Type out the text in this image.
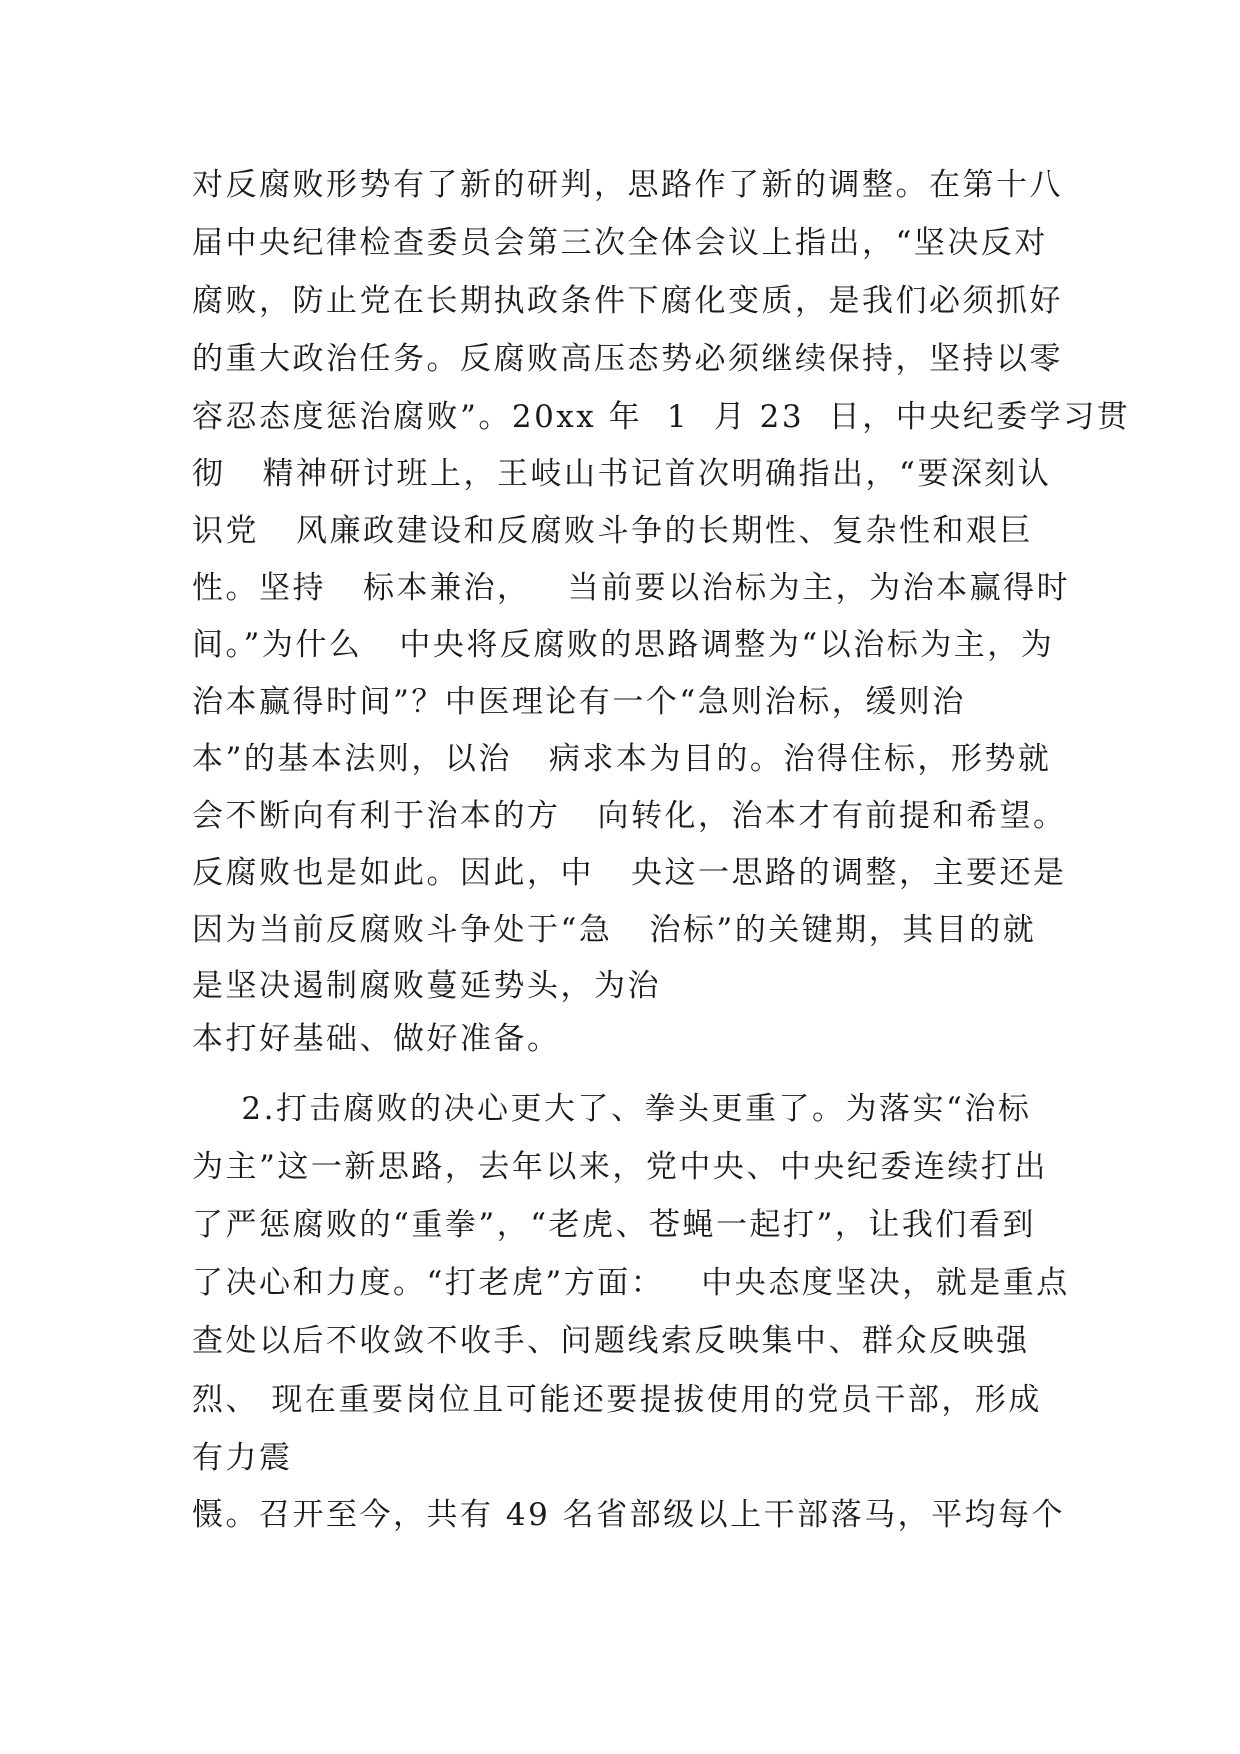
对反腐败形势有了新的研判，思路作了新的调整。在第十八
届中央纪律检查委员会第三次全体会议上指出，“坚决反对
腐败，防止党在长期执政条件下腐化变质，是我们必须抓好
的重大政治任务。反腐败高压态势必须继续保持，坚持以零
容忍态度惩治腐败”。20xx 年  1  月 23  日，中央纪委学习贯
彻   精神研讨班上，王岐山书记首次明确指出，“要深刻认
识党   风廉政建设和反腐败斗争的长期性、复杂性和艰巨
性。坚持   标本兼治，   当前要以治标为主，为治本赢得时
间。”为什么   中央将反腐败的思路调整为“以治标为主，为
治本赢得时间”？中医理论有一个“急则治标，缓则治
本”的基本法则，以治   病求本为目的。治得住标，形势就
会不断向有利于治本的方   向转化，治本才有前提和希望。
反腐败也是如此。因此，中   央这一思路的调整，主要还是
因为当前反腐败斗争处于“急   治标”的关键期，其目的就
是坚决遏制腐败蔓延势头，为治
本打好基础、做好准备。
2.打击腐败的决心更大了、拳头更重了。为落实“治标
为主”这一新思路，去年以来，党中央、中央纪委连续打出
了严惩腐败的“重拳”，“老虎、苍蝇一起打”，让我们看到
了决心和力度。“打老虎”方面：   中央态度坚决，就是重点
查处以后不收敛不收手、问题线索反映集中、群众反映强
烈、 现在重要岗位且可能还要提拔使用的党员干部，形成
有力震
慑。召开至今，共有 49 名省部级以上干部落马，平均每个
